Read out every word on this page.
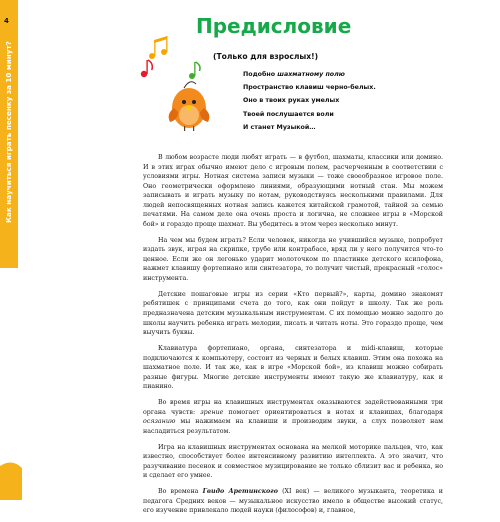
Как научиться играть песенку за 10 минут?
Предисловие
(Только для взрослых!)
Подобно шахматному полю
Пространство клавиш черно-белых.
Оно в твоих руках умелых
Твоей послушается воли
И станет Музыкой…

В любом возрасте люди любят играть — в футбол, шахматы, классики или домино. И в этих играх обычно имеют дело с игровым полем, расчерченным в соответствии с условиями игры. Нотная система записи музыки — тоже своеобразное игровое поле. Оно геометрически оформлено линиями, образующими нотный стан. Мы можем записывать и играть музыку по нотам, руководствуясь несколькими правилами. Для людей непосвященных нотная запись кажется китайской грамотой, тайной за семью печатями. На самом деле она очень проста и логична, не сложнее игры в «Морской бой» и гораздо проще шахмат. Вы убедитесь в этом через несколько минут.

На чем мы будем играть? Если человек, никогда не учившийся музыке, попробует издать звук, играя на скрипке, трубе или контрабасе, вряд ли у него получится что-то ценное. Если же он легонько ударит молоточком по пластинке детского ксилофона, нажмет клавишу фортепиано или синтезатора, то получит чистый, прекрасный «голос» инструмента.

Детские пошаговые игры из серии «Кто первый?», карты, домино знакомят ребятишек с принципами счета до того, как они пойдут в школу. Так же роль предназначена детским музыкальным инструментам. С их помощью можно задолго до школы научить ребенка играть мелодии, писать и читать ноты. Это гораздо проще, чем выучить буквы.

Клавиатура фортепиано, органа, синтезатора и midi-клавиш, которые подключаются к компьютеру, состоит из черных и белых клавиш. Этим она похожа на шахматное поле. И так же, как в игре «Морской бой», из клавиш можно собирать разные фигуры. Многие детские инструменты имеют такую же клавиатуру, как и пианино.

Во время игры на клавишных инструментах оказываются задействованными три органа чувств: зрение помогает ориентироваться в нотах и клавишах, благодаря осязанию мы нажимаем на клавиши и производим звуки, а слух позволяет нам насладиться результатом.

Игра на клавишных инструментах основана на мелкой моторике пальцев, что, как известно, способствует более интенсивному развитию интеллекта. А это значит, что разучивание песенок и совместное музицирование не только сблизит вас и ребенка, но и сделает его умнее.

Во времена Гвидо Аретинского (XI век) — великого музыканта, теоретика и педагога Средних веков — музыкальное искусство имело в обществе высокий статус, его изучение привлекало людей науки (философов) и, главное,

4
